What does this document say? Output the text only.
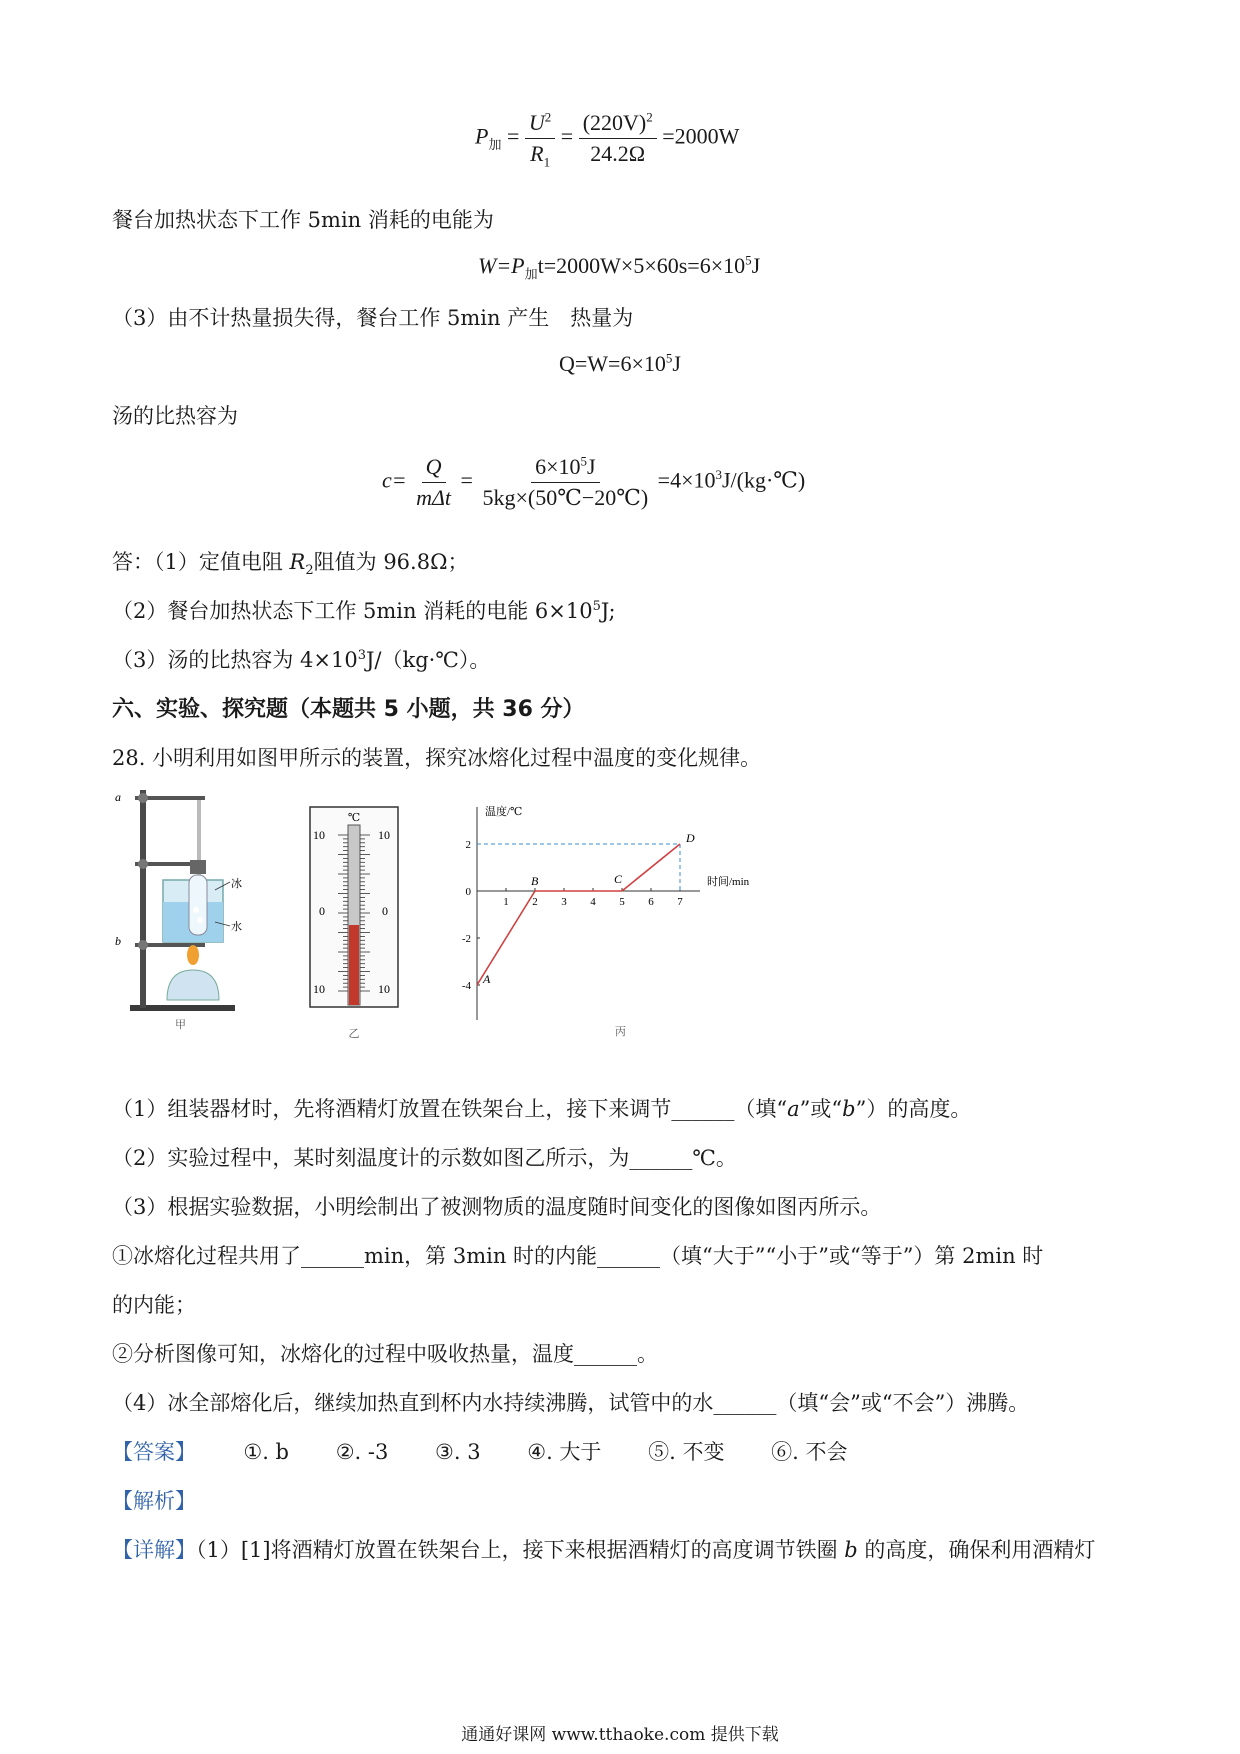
$P_加 = \frac{U^2}{R_1} = \frac{(220V)^2}{24.2\Omega} =2000W$
餐台加热状态下工作 5min 消耗的电能为
$W=P_加t=2000W\times 5\times 60s=6\times 10^5J$
（3）由不计热量损失得，餐台工作 5min 产生　热量为
$Q=W=6\times 10^5J$
汤的比热容为
$c= \frac{Q}{\text{mΔt}} = \frac{6\times 10^5J}{5kg\times(50℃-20℃)}$ $=4\times 10^3J/(kg\cdot℃)$
答：（1）定值电阻 $R_2$阻值为 96.8Ω；
（2）餐台加热状态下工作 5min 消耗的电能 $6\times 10^5J$;
（3）汤的比热容为 $4\times 10^3J/(kg\cdot℃)$。
六、实验、探究题（本题共 5 小题，共 36 分）
28. 小明利用如图甲所示的装置，探究冰熔化过程中温度的变化规律。
a
b
冰
水
甲
℃
10	10
0	0
10	10
乙
温度/℃
时间/min
1 2 3 4 5 6 7
2
0
-2
-4 A
B	C
D
丙
（1）组装器材时，先将酒精灯放置在铁架台上，接下来调节______（填“a”或“b”）的高度。
（2）实验过程中，某时刻温度计的示数如图乙所示，为______℃。
（3）根据实验数据，小明绘制出了被测物质的温度随时间变化的图像如图丙所示。
①冰熔化过程共用了______min，第 3min 时的内能______（填“大于”“小于”或“等于”）第 2min 时
的内能；
②分析图像可知，冰熔化的过程中吸收热量，温度______。
（4）冰全部熔化后，继续加热直到杯内水持续沸腾，试管中的水______（填“会”或“不会”）沸腾。
【答案】 ①. b ②. -3 ③. 3 ④. 大于 ⑤. 不变 ⑥. 不会
【解析】
【详解】（1）[1]将酒精灯放置在铁架台上，接下来根据酒精灯的高度调节铁圈 b 的高度，确保利用酒精灯
通通好课网 www.tthaoke.com 提供下载
